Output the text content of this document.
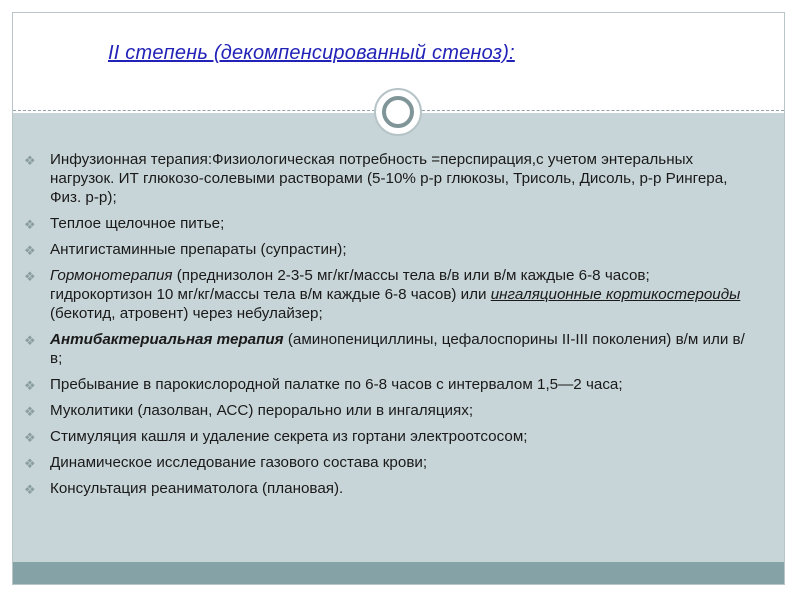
II степень (декомпенсированный стеноз):
❖ Инфузионная терапия:Физиологическая потребность =перспирация,с учетом энтеральных нагрузок. ИТ глюкозо-солевыми растворами (5-10% р-р глюкозы, Трисоль, Дисоль, р-р Рингера, Физ. р-р);
❖ Теплое щелочное питье;
❖ Антигистаминные препараты (супрастин);
❖ Гормонотерапия (преднизолон 2-3-5 мг/кг/массы тела в/в или в/м каждые 6-8 часов; гидрокортизон 10 мг/кг/массы тела в/м каждые 6-8 часов) или ингаляционные кортикостероиды (бекотид, атровент) через небулайзер;
❖ Антибактериальная терапия (аминопенициллины, цефалоспорины II-III поколения) в/м или в/в;
❖ Пребывание в парокислородной палатке по 6-8 часов с интервалом 1,5—2 часа;
❖ Муколитики (лазолван, АСС) перорально или в ингаляциях;
❖ Стимуляция кашля и удаление секрета из гортани электроотсосом;
❖ Динамическое исследование газового состава крови;
❖ Консультация реаниматолога (плановая).
